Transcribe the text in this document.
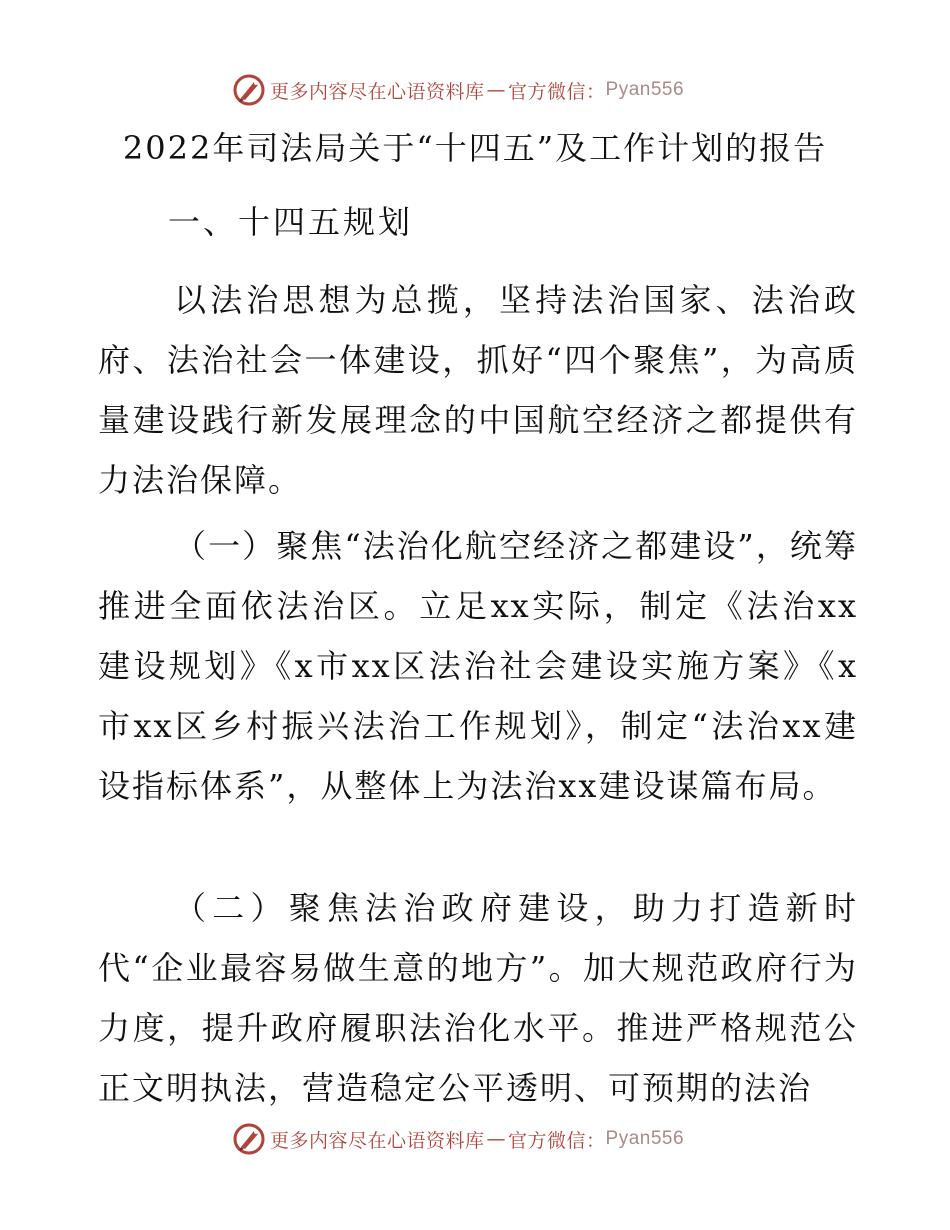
更多内容尽在心语资料库 — 官方微信： Pyan556
2022年司法局关于“十四五”及工作计划的报告
一、十四五规划

以法治思想为总揽，坚持法治国家、法治政府、法治社会一体建设，抓好“四个聚焦”，为高质量建设践行新发展理念的中国航空经济之都提供有力法治保障。

（一）聚焦“法治化航空经济之都建设”，统筹推进全面依法治区。立足xx实际，制定《法治xx建设规划》《x市xx区法治社会建设实施方案》《x市xx区乡村振兴法治工作规划》，制定“法治xx建设指标体系”，从整体上为法治xx建设谋篇布局。

（二）聚焦法治政府建设，助力打造新时代“企业最容易做生意的地方”。加大规范政府行为力度，提升政府履职法治化水平。推进严格规范公正文明执法，营造稳定公平透明、可预期的法治

更多内容尽在心语资料库 — 官方微信： Pyan556
